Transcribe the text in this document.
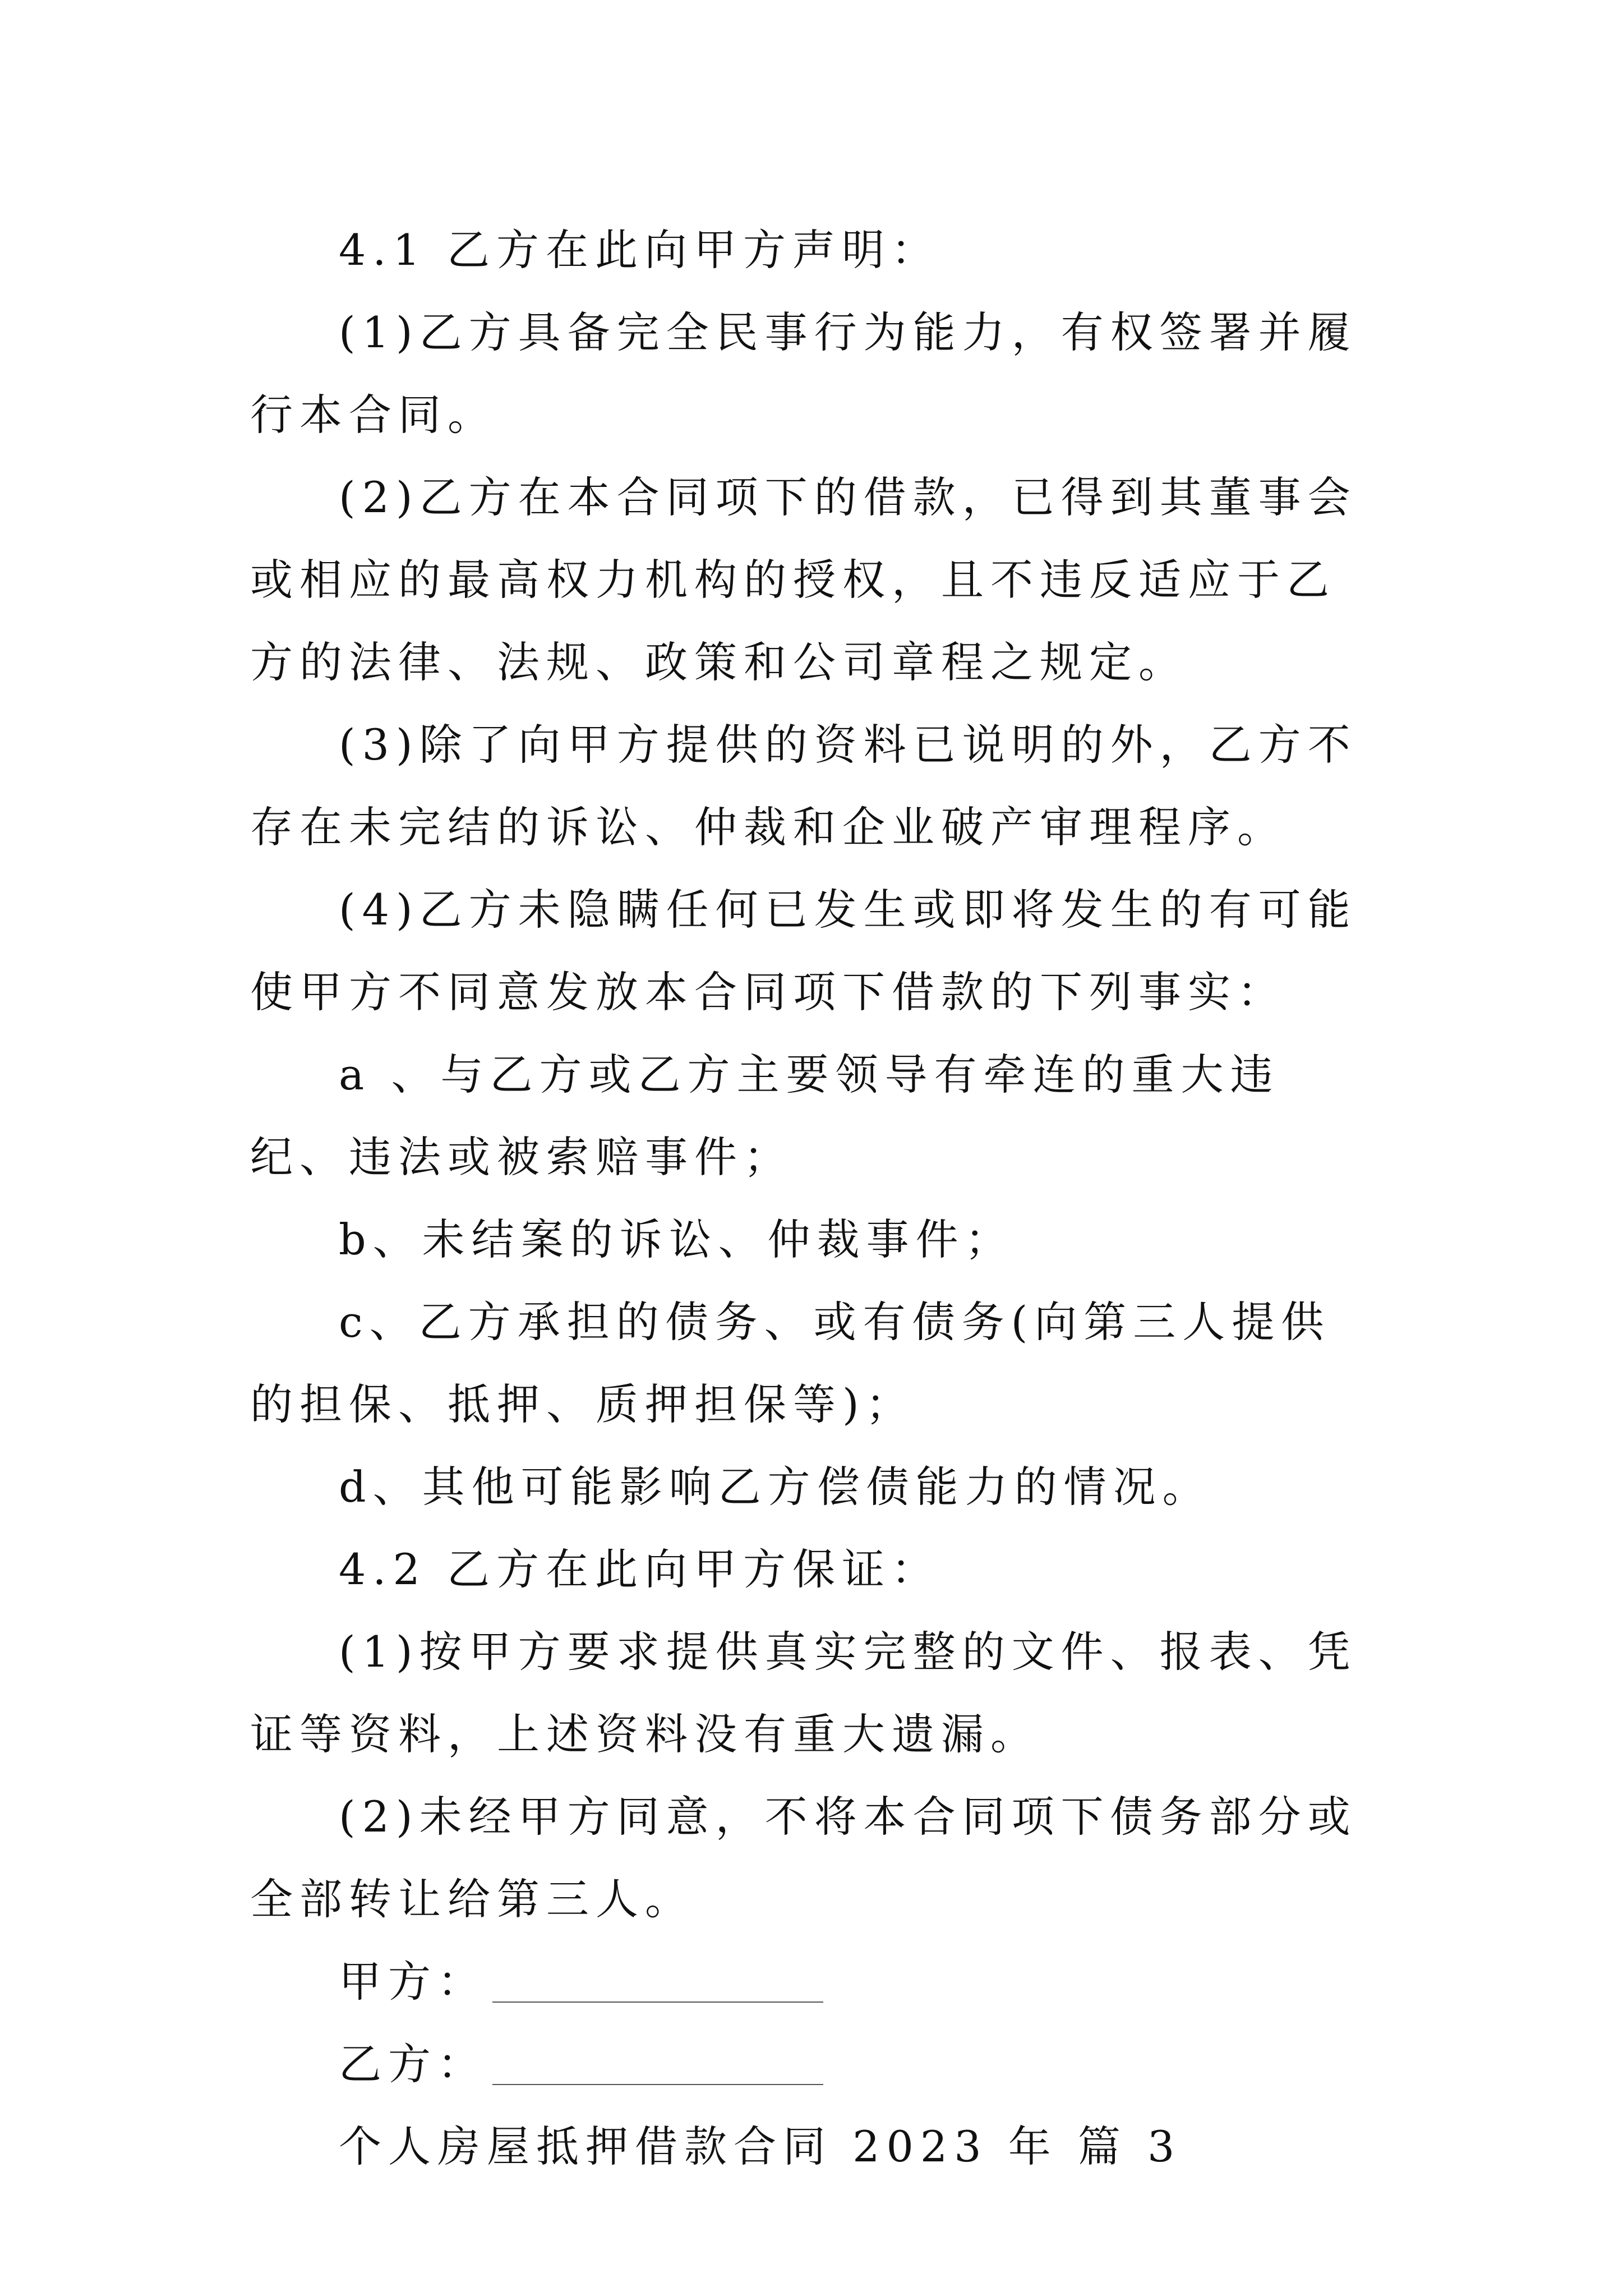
4.1 乙方在此向甲方声明：

(1)乙方具备完全民事行为能力，有权签署并履行本合同。

(2)乙方在本合同项下的借款，已得到其董事会或相应的最高权力机构的授权，且不违反适应于乙方的法律、法规、政策和公司章程之规定。

(3)除了向甲方提供的资料已说明的外，乙方不存在未完结的诉讼、仲裁和企业破产审理程序。

(4)乙方未隐瞒任何已发生或即将发生的有可能使甲方不同意发放本合同项下借款的下列事实：

a 、与乙方或乙方主要领导有牵连的重大违纪、违法或被索赔事件；

b、未结案的诉讼、仲裁事件；

c、乙方承担的债务、或有债务(向第三人提供的担保、抵押、质押担保等)；

d、其他可能影响乙方偿债能力的情况。

4.2 乙方在此向甲方保证：

(1)按甲方要求提供真实完整的文件、报表、凭证等资料，上述资料没有重大遗漏。

(2)未经甲方同意，不将本合同项下债务部分或全部转让给第三人。

甲方：
乙方：

个人房屋抵押借款合同 2023 年 篇 3
